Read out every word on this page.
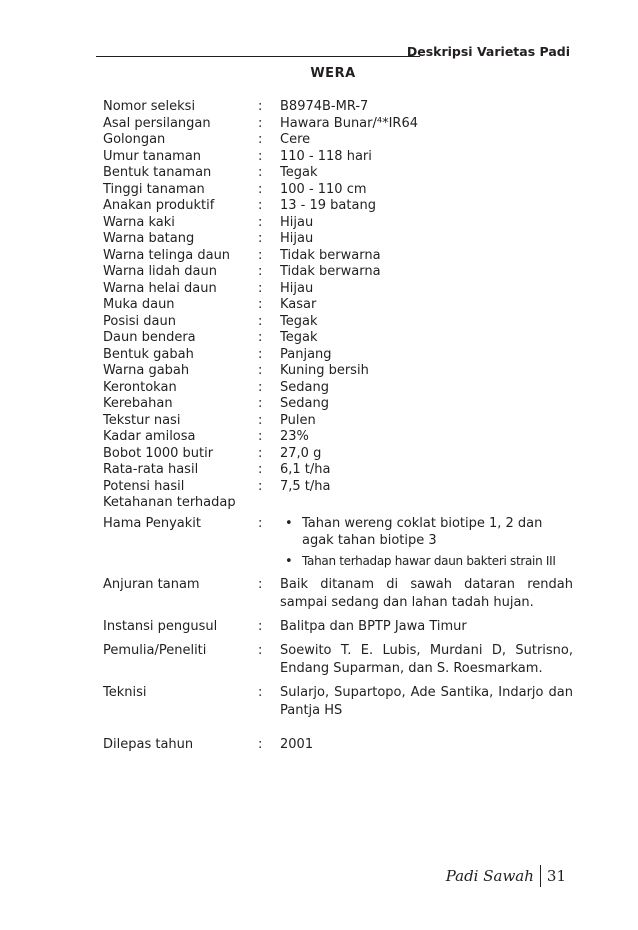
Deskripsi Varietas Padi
WERA
Nomor seleksi	: B8974B-MR-7
Asal persilangan	: Hawara Bunar/⁴*IR64
Golongan	: Cere
Umur tanaman	: 110 - 118 hari
Bentuk tanaman	: Tegak
Tinggi tanaman	: 100 - 110 cm
Anakan produktif	: 13 - 19 batang
Warna kaki	: Hijau
Warna batang	: Hijau
Warna telinga daun : Tidak berwarna
Warna lidah daun	: Tidak berwarna
Warna helai daun	: Hijau
Muka daun	: Kasar
Posisi daun	: Tegak
Daun bendera	: Tegak
Bentuk gabah	: Panjang
Warna gabah	: Kuning bersih
Kerontokan	: Sedang
Kerebahan	: Sedang
Tekstur nasi	: Pulen
Kadar amilosa	: 23%
Bobot 1000 butir	: 27,0 g
Rata-rata hasil	: 6,1 t/ha
Potensi hasil	: 7,5 t/ha
Ketahanan terhadap
Hama Penyakit	: • Tahan wereng coklat biotipe 1, 2 dan agak tahan biotipe 3
• Tahan terhadap hawar daun bakteri strain III
Anjuran tanam	: Baik ditanam di sawah dataran rendah sampai sedang dan lahan tadah hujan.
Instansi pengusul	: Balitpa dan BPTP Jawa Timur
Pemulia/Peneliti	: Soewito T. E. Lubis, Murdani D, Sutrisno, Endang Suparman, dan S. Roesmarkam.
Teknisi	: Sularjo, Supartopo, Ade Santika, Indarjo dan Pantja HS
Dilepas tahun	: 2001
Padi Sawah 31
